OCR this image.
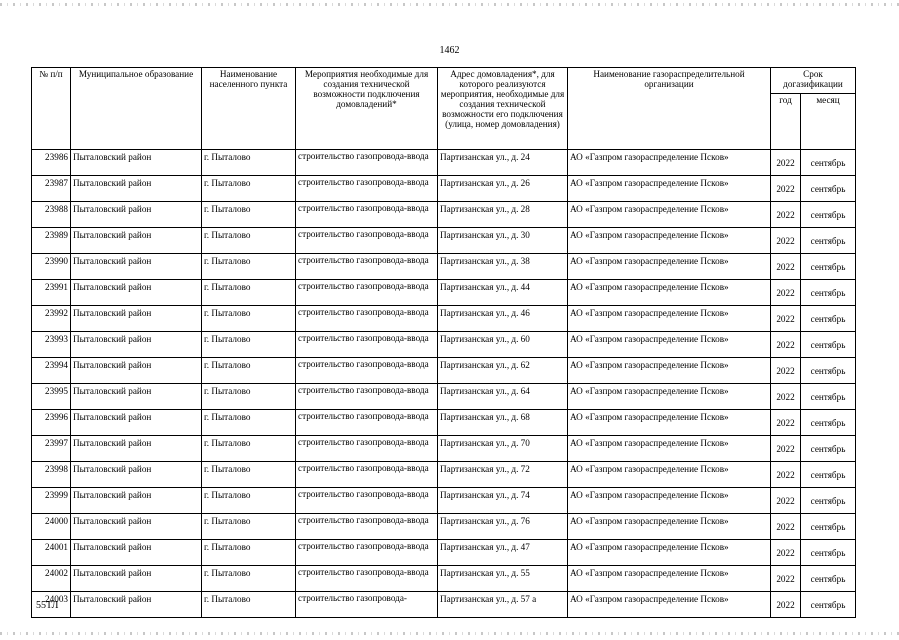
1462
№ п/п	Муниципальное образование	Наименование населенного пункта	Мероприятия необходимые для создания технической возможности подключения домовладений*	Адрес домовладения*, для которого реализуются мероприятия, необходимые для создания технической возможности его подключения (улица, номер домовладения)	Наименование газораспределительной организации	Срок догазификации	
						год	месяц
23986	Пыталовский район	г. Пыталово	строительство газопровода-ввода	Партизанская ул., д. 24	АО «Газпром газораспределение Псков»	2022	сентябрь
23987	Пыталовский район	г. Пыталово	строительство газопровода-ввода	Партизанская ул., д. 26	АО «Газпром газораспределение Псков»	2022	сентябрь
23988	Пыталовский район	г. Пыталово	строительство газопровода-ввода	Партизанская ул., д. 28	АО «Газпром газораспределение Псков»	2022	сентябрь
23989	Пыталовский район	г. Пыталово	строительство газопровода-ввода	Партизанская ул., д. 30	АО «Газпром газораспределение Псков»	2022	сентябрь
23990	Пыталовский район	г. Пыталово	строительство газопровода-ввода	Партизанская ул., д. 38	АО «Газпром газораспределение Псков»	2022	сентябрь
23991	Пыталовский район	г. Пыталово	строительство газопровода-ввода	Партизанская ул., д. 44	АО «Газпром газораспределение Псков»	2022	сентябрь
23992	Пыталовский район	г. Пыталово	строительство газопровода-ввода	Партизанская ул., д. 46	АО «Газпром газораспределение Псков»	2022	сентябрь
23993	Пыталовский район	г. Пыталово	строительство газопровода-ввода	Партизанская ул., д. 60	АО «Газпром газораспределение Псков»	2022	сентябрь
23994	Пыталовский район	г. Пыталово	строительство газопровода-ввода	Партизанская ул., д. 62	АО «Газпром газораспределение Псков»	2022	сентябрь
23995	Пыталовский район	г. Пыталово	строительство газопровода-ввода	Партизанская ул., д. 64	АО «Газпром газораспределение Псков»	2022	сентябрь
23996	Пыталовский район	г. Пыталово	строительство газопровода-ввода	Партизанская ул., д. 68	АО «Газпром газораспределение Псков»	2022	сентябрь
23997	Пыталовский район	г. Пыталово	строительство газопровода-ввода	Партизанская ул., д. 70	АО «Газпром газораспределение Псков»	2022	сентябрь
23998	Пыталовский район	г. Пыталово	строительство газопровода-ввода	Партизанская ул., д. 72	АО «Газпром газораспределение Псков»	2022	сентябрь
23999	Пыталовский район	г. Пыталово	строительство газопровода-ввода	Партизанская ул., д. 74	АО «Газпром газораспределение Псков»	2022	сентябрь
24000	Пыталовский район	г. Пыталово	строительство газопровода-ввода	Партизанская ул., д. 76	АО «Газпром газораспределение Псков»	2022	сентябрь
24001	Пыталовский район	г. Пыталово	строительство газопровода-ввода	Партизанская ул., д. 47	АО «Газпром газораспределение Псков»	2022	сентябрь
24002	Пыталовский район	г. Пыталово	строительство газопровода-ввода	Партизанская ул., д. 55	АО «Газпром газораспределение Псков»	2022	сентябрь
24003	Пыталовский район	г. Пыталово	строительство газопровода-	Партизанская ул., д. 57 а	АО «Газпром газораспределение Псков»	2022	сентябрь
55ТЛ
